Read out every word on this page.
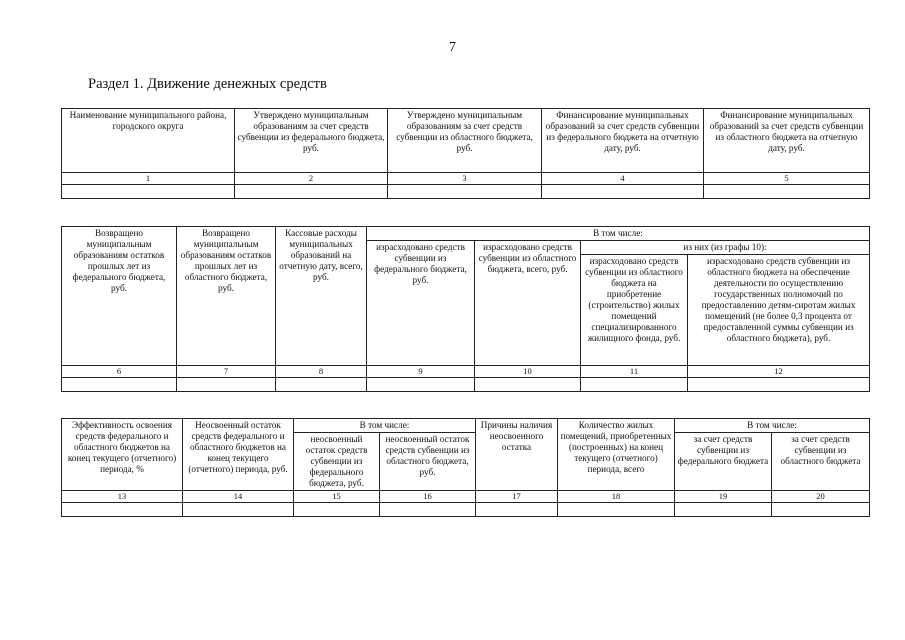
7
Раздел 1. Движение денежных средств
Наименование муниципального района, городского округа	Утверждено муниципальным образованиям за счет средств субвенции из федерального бюджета, руб.	Утверждено муниципальным образованиям за счет средств субвенции из областного бюджета, руб.	Финансирование муниципальных образований за счет средств субвенции из федерального бюджета на отчетную дату, руб.	Финансирование муниципальных образований за счет средств субвенции из областного бюджета на отчетную дату, руб.
1	2	3	4	5

Возвращено муниципальным образованиям остатков прошлых лет из федерального бюджета, руб.	Возвращено муниципальным образованиям остатков прошлых лет из областного бюджета, руб.	Кассовые расходы муниципальных образований на отчетную дату, всего, руб.	В том числе:			
			израсходовано средств субвенции из федерального бюджета, руб.	израсходовано средств субвенции из областного бюджета, всего, руб.	из них (из графы 10):	
					израсходовано средств субвенции из областного бюджета на приобретение (строительство) жилых помещений специализированного жилищного фонда, руб.	израсходовано средств субвенции из областного бюджета на обеспечение деятельности по осуществлению государственных полномочий по предоставлению детям-сиротам жилых помещений (не более 0,3 процента от предоставленной суммы субвенции из областного бюджета), руб.
6	7	8	9	10	11	12

Эффективность освоения средств федерального и областного бюджетов на конец текущего (отчетного) периода, %	Неосвоенный остаток средств федерального и областного бюджетов на конец текущего (отчетного) периода, руб.	В том числе:		Причины наличия неосвоенного остатка	Количество жилых помещений, приобретенных (построенных) на конец текущего (отчетного) периода, всего	В том числе:	
		неосвоенный остаток средств субвенции из федерального бюджета, руб.	неосвоенный остаток средств субвенции из областного бюджета, руб.			за счет средств субвенции из федерального бюджета	за счет средств субвенции из областного бюджета
13	14	15	16	17	18	19	20
